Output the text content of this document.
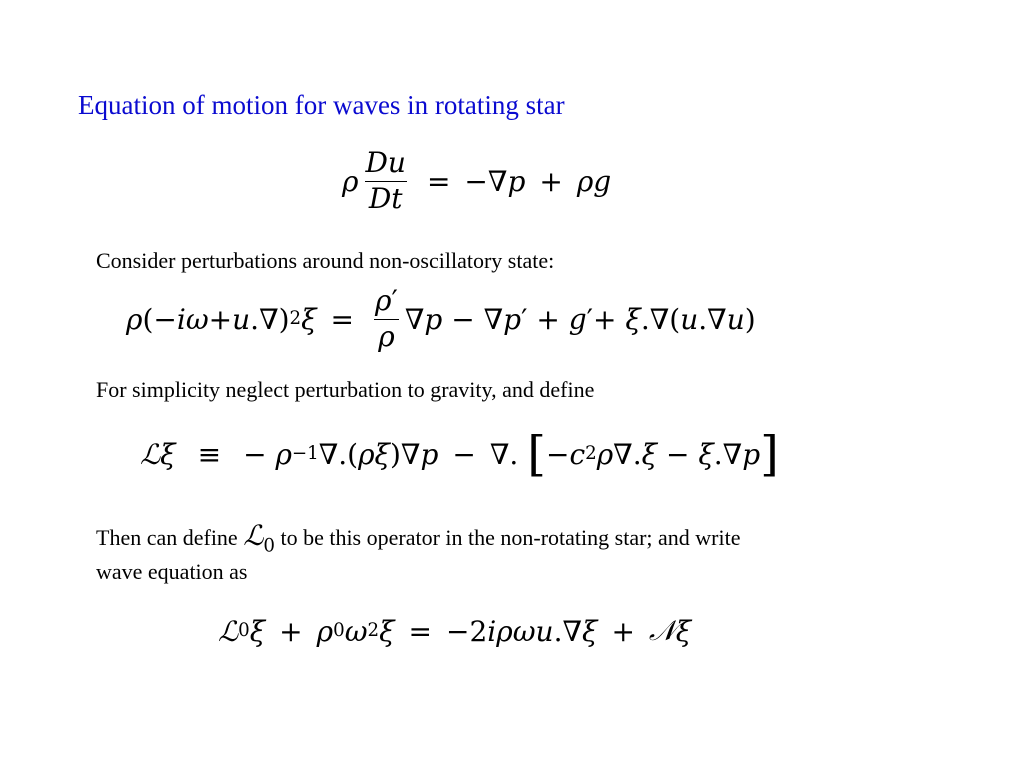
Equation of motion for waves in rotating star
ρ $\frac{Du}{Dt}$ = −∇ p + ρg
Consider perturbations around non-oscillatory state:
ρ (− iω + u .∇) 2 $\xi = \frac{\rho'}{\rho}$ ∇ p − ∇ p ′ + g ′ + ξ .∇( u .∇ u )
For simplicity neglect perturbation to gravity, and define
ℒ ξ ≡ −
ρ −1 ∇.( ρξ )∇ p − ∇.
[ − c 2 ρ ∇. ξ − ξ .∇ p ]
Then can define ℒ$_0$ to be this operator in the non-rotating star; and write
wave equation as
ℒ 0 ξ + ρ 0 ω 2 ξ = −2 iρωu .∇ ξ + 𝒩 ξ
